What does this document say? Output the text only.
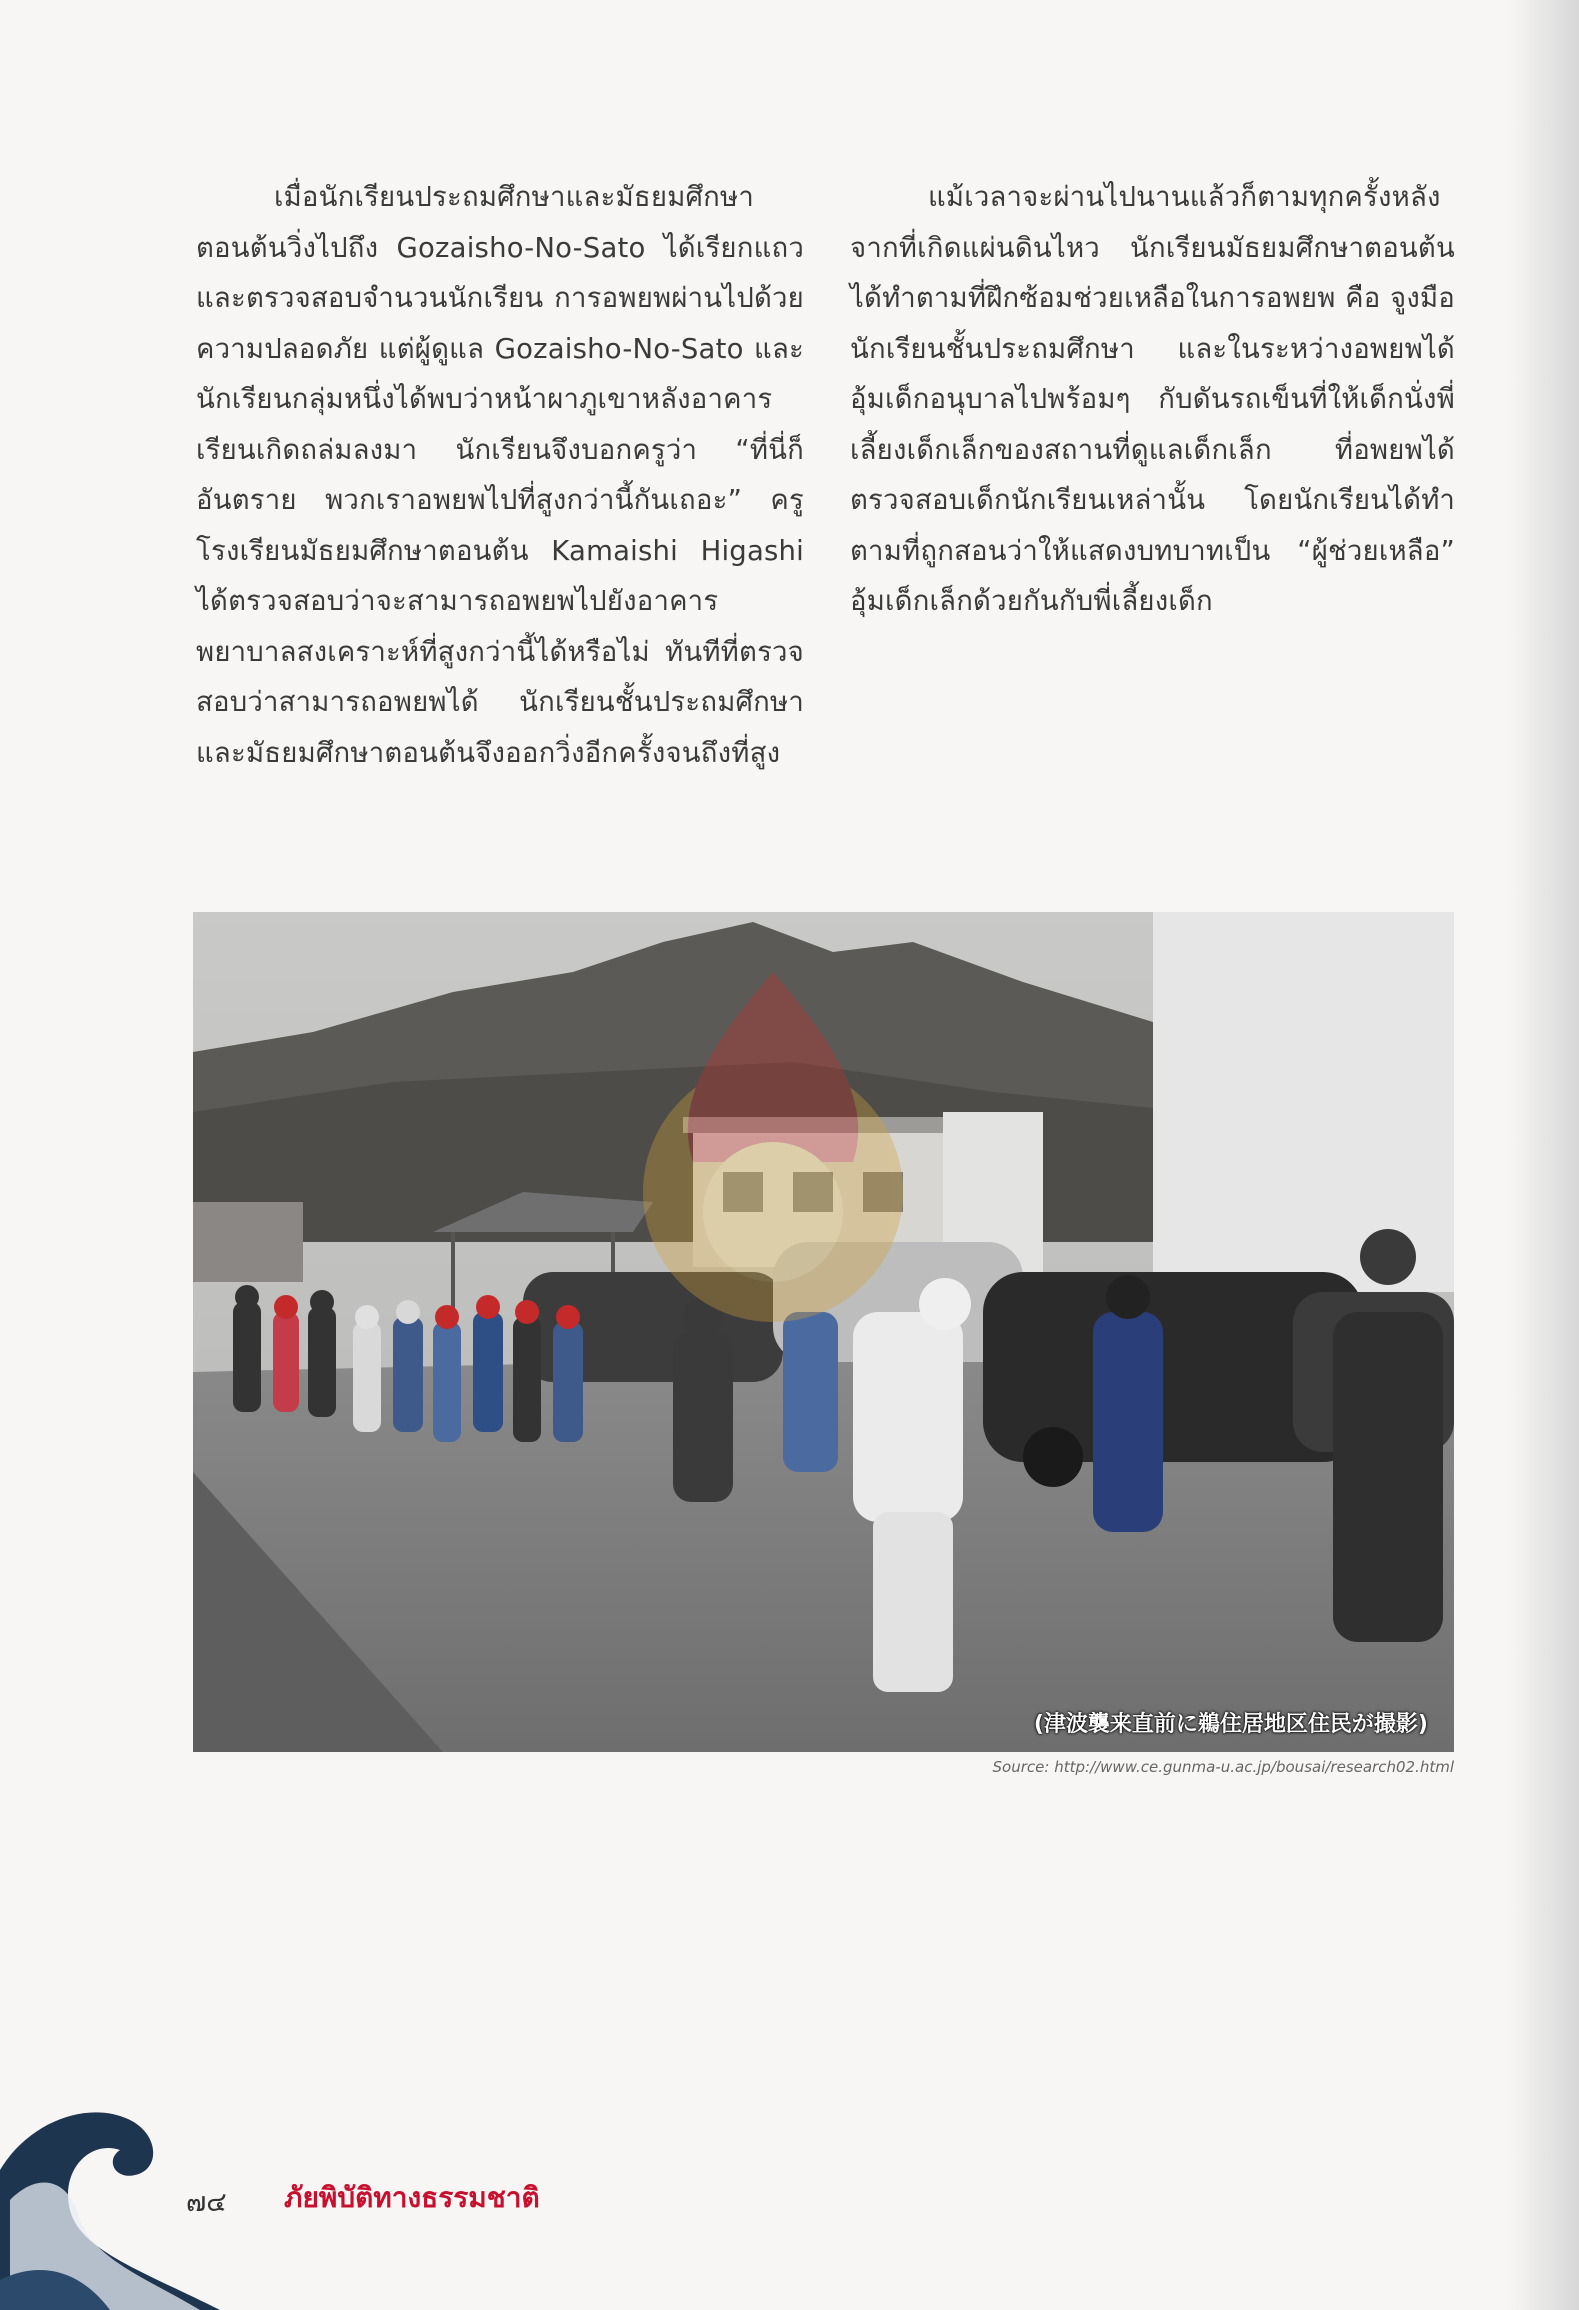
เมื่อนักเรียนประถมศึกษาและมัธยมศึกษาตอนต้นวิ่งไปถึง Gozaisho-No-Sato ได้เรียกแถวและตรวจสอบจำนวนนักเรียน การอพยพผ่านไปด้วยความปลอดภัย แต่ผู้ดูแล Gozaisho-No-Sato และนักเรียนกลุ่มหนึ่งได้พบว่าหน้าผาภูเขาหลังอาคารเรียนเกิดถล่มลงมา นักเรียนจึงบอกครูว่า “ที่นี่ก็อันตราย พวกเราอพยพไปที่สูงกว่านี้กันเถอะ” ครูโรงเรียนมัธยมศึกษาตอนต้น Kamaishi Higashi ได้ตรวจสอบว่าจะสามารถอพยพไปยังอาคารพยาบาลสงเคราะห์ที่สูงกว่านี้ได้หรือไม่ ทันทีที่ตรวจสอบว่าสามารถอพยพได้ นักเรียนชั้นประถมศึกษาและมัธยมศึกษาตอนต้นจึงออกวิ่งอีกครั้งจนถึงที่สูง

แม้เวลาจะผ่านไปนานแล้วก็ตามทุกครั้งหลังจากที่เกิดแผ่นดินไหว นักเรียนมัธยมศึกษาตอนต้นได้ทำตามที่ฝึกซ้อมช่วยเหลือในการอพยพ คือ จูงมือนักเรียนชั้นประถมศึกษา และในระหว่างอพยพได้อุ้มเด็กอนุบาลไปพร้อมๆ กับดันรถเข็นที่ให้เด็กนั่งพี่เลี้ยงเด็กเล็กของสถานที่ดูแลเด็กเล็ก ที่อพยพได้ตรวจสอบเด็กนักเรียนเหล่านั้น โดยนักเรียนได้ทำตามที่ถูกสอนว่าให้แสดงบทบาทเป็น “ผู้ช่วยเหลือ” อุ้มเด็กเล็กด้วยกันกับพี่เลี้ยงเด็ก

(津波襲来直前に鵜住居地区住民が撮影)
Source: http://www.ce.gunma-u.ac.jp/bousai/research02.html
๗๔ ภัยพิบัติทางธรรมชาติ
